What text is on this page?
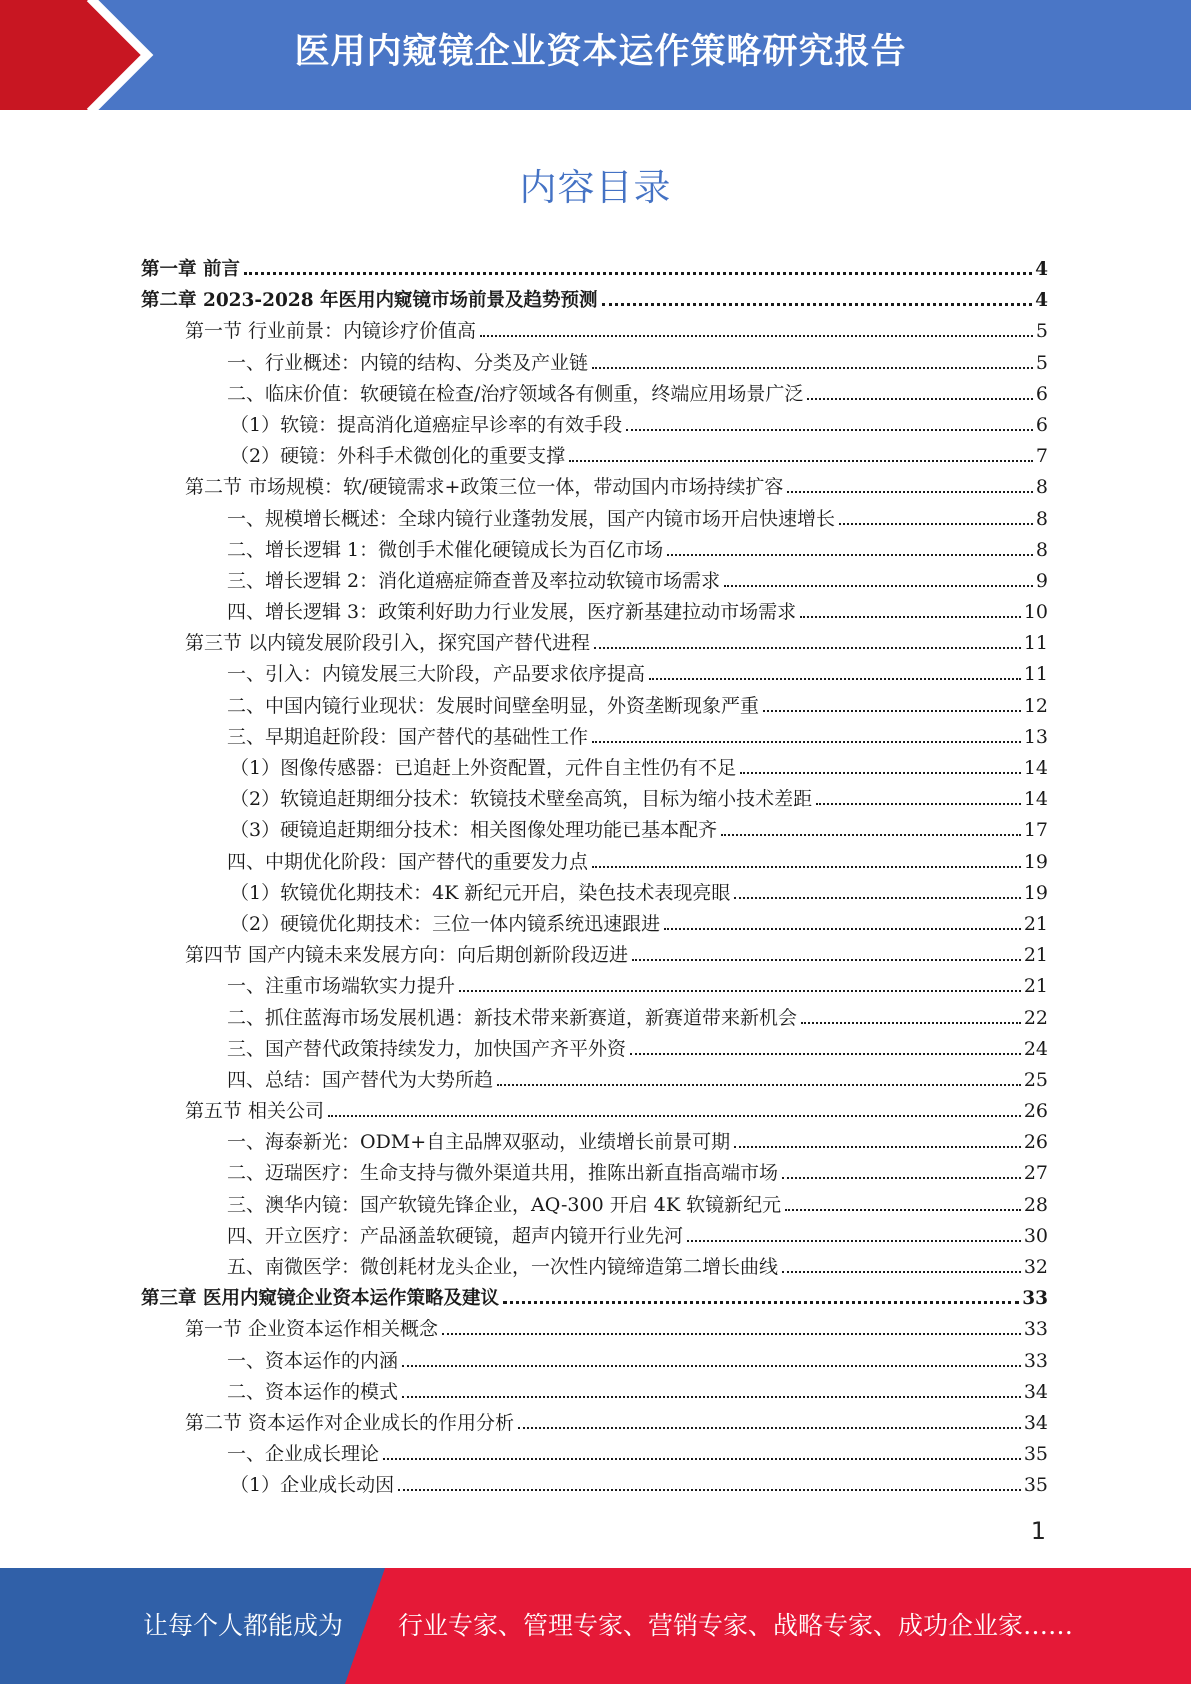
医用内窥镜企业资本运作策略研究报告
内容目录
第一章 前言	4
第二章 2023-2028 年医用内窥镜市场前景及趋势预测	4
第一节 行业前景：内镜诊疗价值高	5
一、行业概述：内镜的结构、分类及产业链	5
二、临床价值：软硬镜在检查/治疗领域各有侧重，终端应用场景广泛	6
（1）软镜：提高消化道癌症早诊率的有效手段	6
（2）硬镜：外科手术微创化的重要支撑	7
第二节 市场规模：软/硬镜需求+政策三位一体，带动国内市场持续扩容	8
一、规模增长概述：全球内镜行业蓬勃发展，国产内镜市场开启快速增长	8
二、增长逻辑 1：微创手术催化硬镜成长为百亿市场	8
三、增长逻辑 2：消化道癌症筛查普及率拉动软镜市场需求	9
四、增长逻辑 3：政策利好助力行业发展，医疗新基建拉动市场需求	10
第三节 以内镜发展阶段引入，探究国产替代进程	11
一、引入：内镜发展三大阶段，产品要求依序提高	11
二、中国内镜行业现状：发展时间壁垒明显，外资垄断现象严重	12
三、早期追赶阶段：国产替代的基础性工作	13
（1）图像传感器：已追赶上外资配置，元件自主性仍有不足	14
（2）软镜追赶期细分技术：软镜技术壁垒高筑，目标为缩小技术差距	14
（3）硬镜追赶期细分技术：相关图像处理功能已基本配齐	17
四、中期优化阶段：国产替代的重要发力点	19
（1）软镜优化期技术：4K 新纪元开启，染色技术表现亮眼	19
（2）硬镜优化期技术：三位一体内镜系统迅速跟进	21
第四节 国产内镜未来发展方向：向后期创新阶段迈进	21
一、注重市场端软实力提升	21
二、抓住蓝海市场发展机遇：新技术带来新赛道，新赛道带来新机会	22
三、国产替代政策持续发力，加快国产齐平外资	24
四、总结：国产替代为大势所趋	25
第五节 相关公司	26
一、海泰新光：ODM+自主品牌双驱动，业绩增长前景可期	26
二、迈瑞医疗：生命支持与微外渠道共用，推陈出新直指高端市场	27
三、澳华内镜：国产软镜先锋企业，AQ-300 开启 4K 软镜新纪元	28
四、开立医疗：产品涵盖软硬镜，超声内镜开行业先河	30
五、南微医学：微创耗材龙头企业，一次性内镜缔造第二增长曲线	32
第三章 医用内窥镜企业资本运作策略及建议	33
第一节 企业资本运作相关概念	33
一、资本运作的内涵	33
二、资本运作的模式	34
第二节 资本运作对企业成长的作用分析	34
一、企业成长理论	35
（1）企业成长动因	35
1
让每个人都能成为 行业专家、管理专家、营销专家、战略专家、成功企业家……
